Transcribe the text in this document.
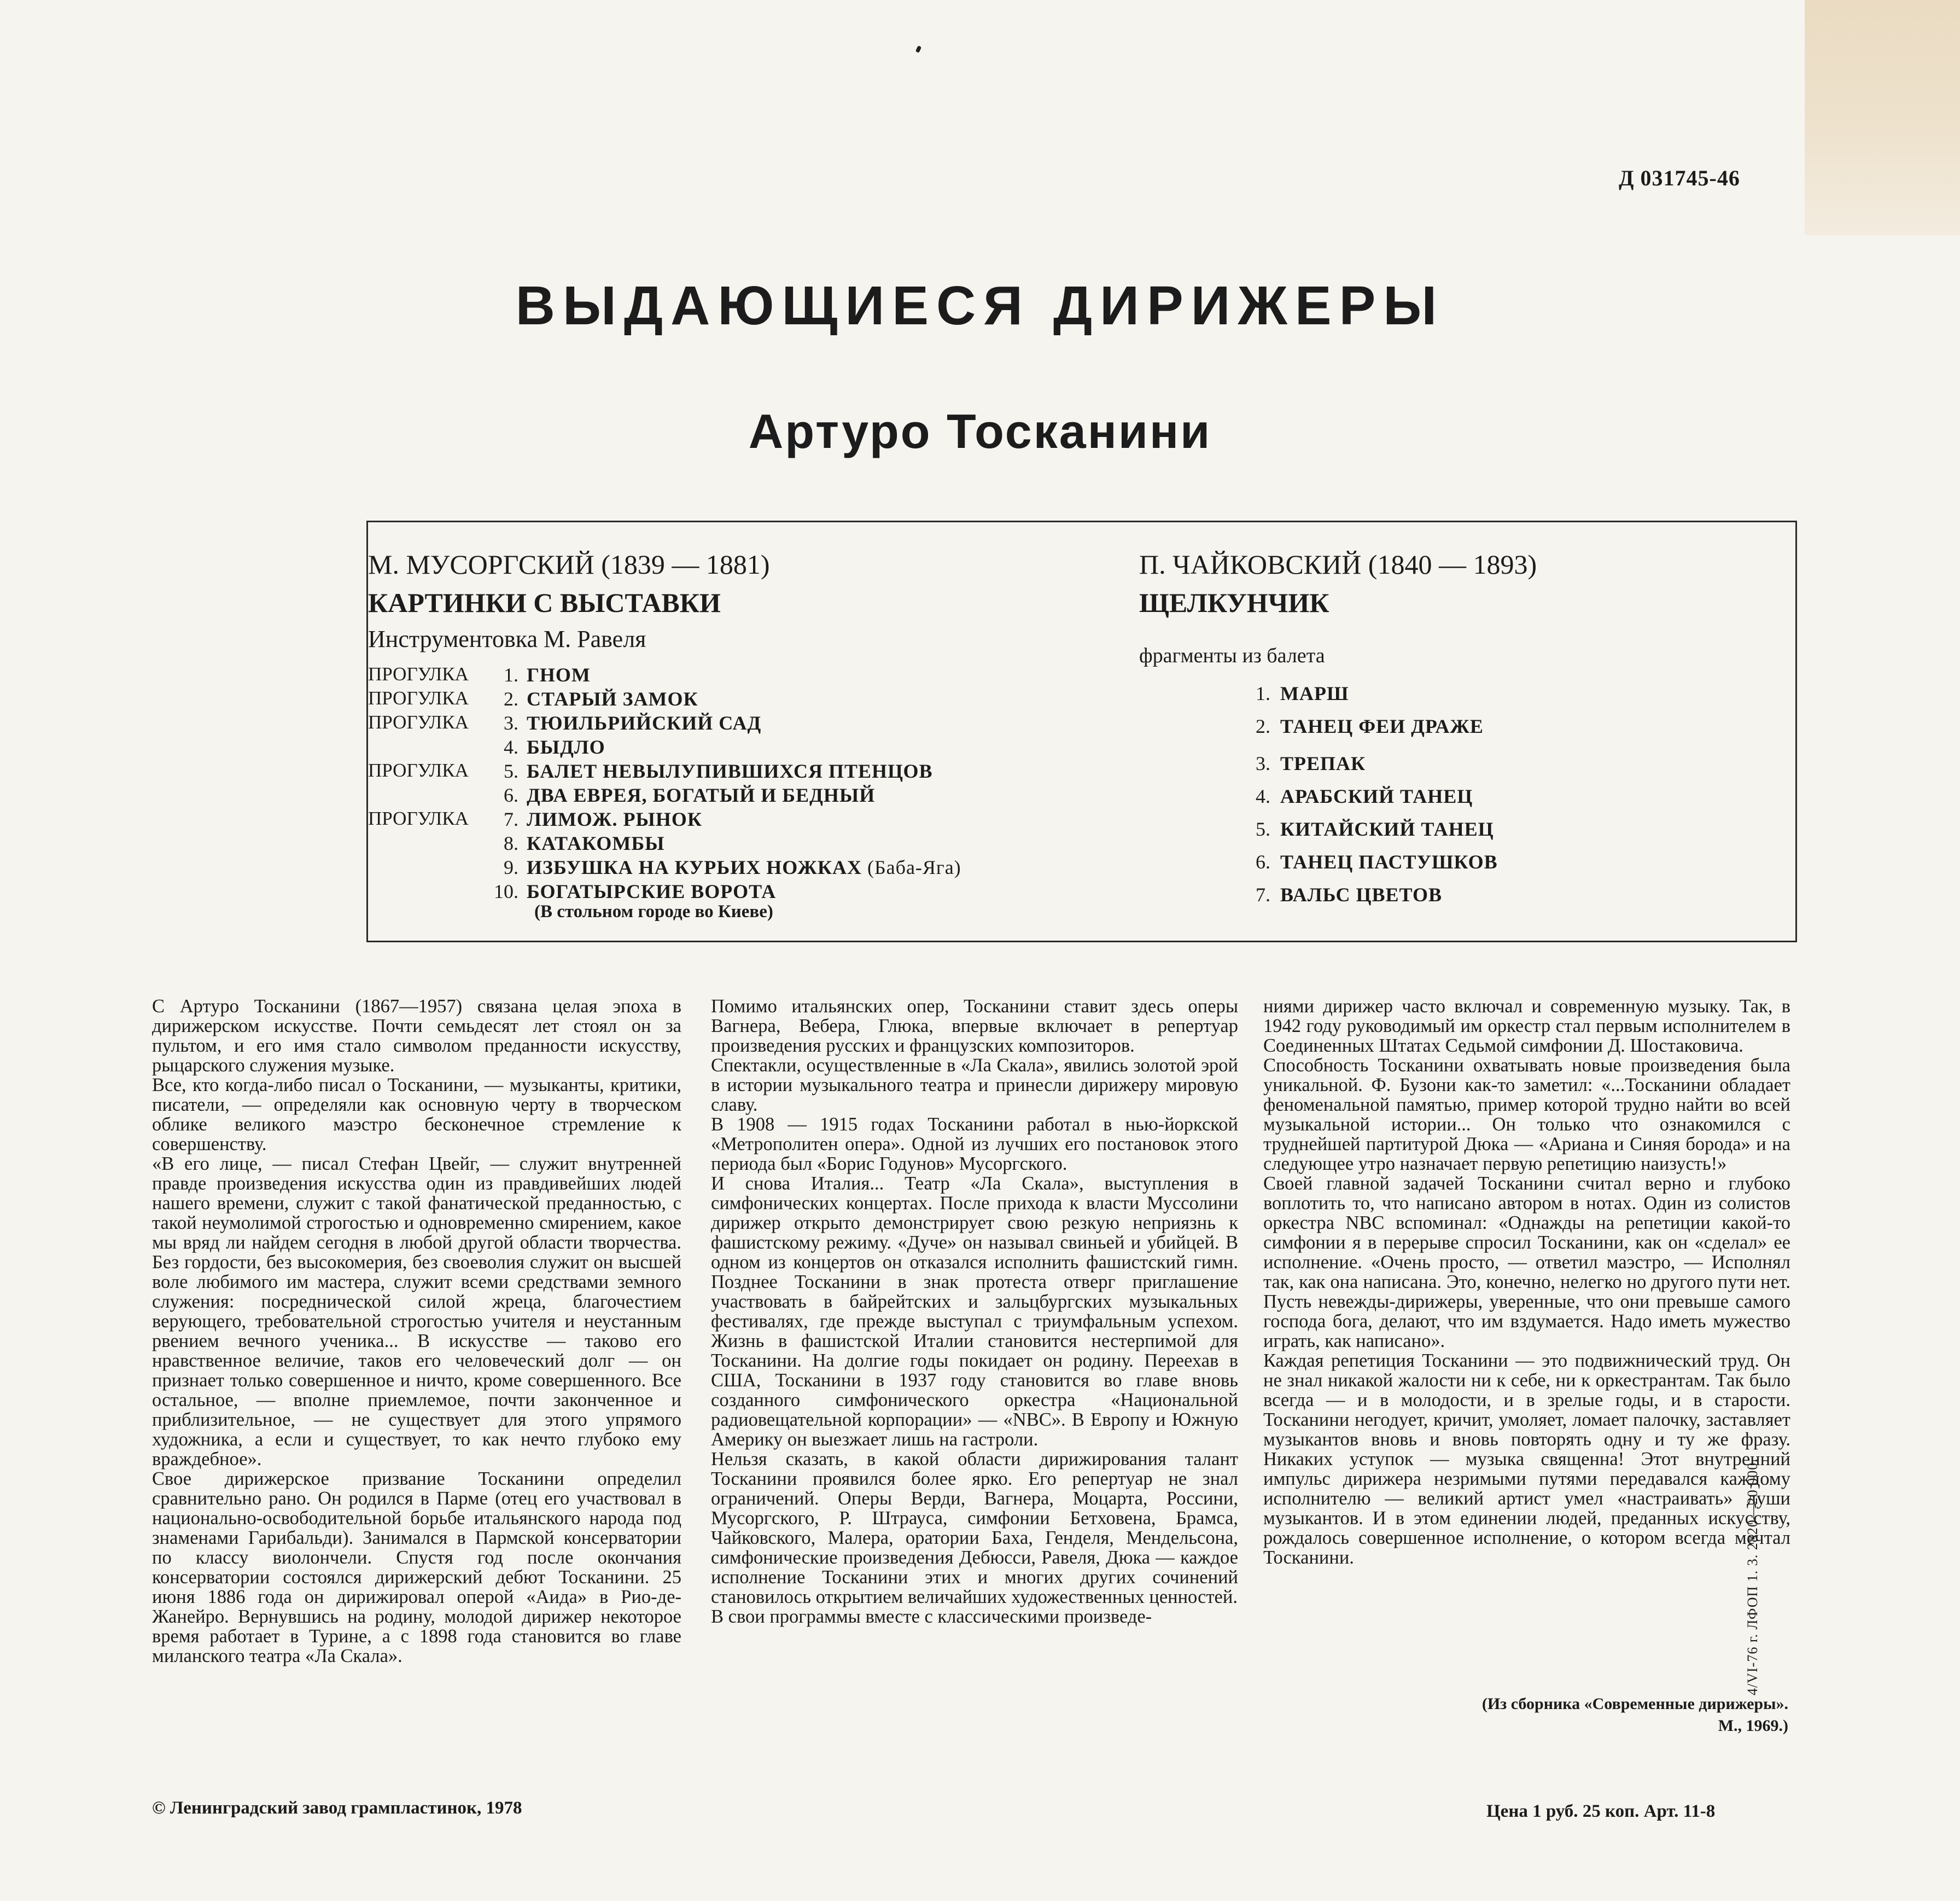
Д 031745-46
ВЫДАЮЩИЕСЯ ДИРИЖЕРЫ
Артуро Тосканини
М. МУСОРГСКИЙ (1839 — 1881)
КАРТИНКИ С ВЫСТАВКИ
Инструментовка М. Равеля
ПРОГУЛКА	1. ГНОМ
ПРОГУЛКА	2. СТАРЫЙ ЗАМОК
ПРОГУЛКА	3. ТЮИЛЬРИЙСКИЙ САД
4. БЫДЛО
ПРОГУЛКА	5. БАЛЕТ НЕВЫЛУПИВШИХСЯ ПТЕНЦОВ
6. ДВА ЕВРЕЯ, БОГАТЫЙ И БЕДНЫЙ
ПРОГУЛКА	7. ЛИМОЖ. РЫНОК
8. КАТАКОМБЫ
9. ИЗБУШКА НА КУРЬИХ НОЖКАХ (Баба-Яга)
10. БОГАТЫРСКИЕ ВОРОТА
(В стольном городе во Киеве)
П. ЧАЙКОВСКИЙ (1840 — 1893)
ЩЕЛКУНЧИК
фрагменты из балета
1. МАРШ
2. ТАНЕЦ ФЕИ ДРАЖЕ
3. ТРЕПАК
4. АРАБСКИЙ ТАНЕЦ
5. КИТАЙСКИЙ ТАНЕЦ
6. ТАНЕЦ ПАСТУШКОВ
7. ВАЛЬС ЦВЕТОВ

С Артуро Тосканини (1867—1957) связана целая эпоха в дирижерском искусстве. Почти семьдесят лет стоял он за пультом, и его имя стало символом преданности искусству, рыцарского служения музыке.

Все, кто когда-либо писал о Тосканини, — музыканты, критики, писатели, — определяли как основную черту в творческом облике великого маэстро бесконечное стремление к совершенству.

«В его лице, — писал Стефан Цвейг, — служит внутренней правде произведения искусства один из правдивейших людей нашего времени, служит с такой фанатической преданностью, с такой неумолимой строгостью и одновременно смирением, какое мы вряд ли найдем сегодня в любой другой области творчества. Без гордости, без высокомерия, без своеволия служит он высшей воле любимого им мастера, служит всеми средствами земного служения: посреднической силой жреца, благочестием верующего, требовательной строгостью учителя и неустанным рвением вечного ученика... В искусстве — таково его нравственное величие, таков его человеческий долг — он признает только совершенное и ничто, кроме совершенного. Все остальное, — вполне приемлемое, почти законченное и приблизительное, — не существует для этого упрямого художника, а если и существует, то как нечто глубоко ему враждебное».

Свое дирижерское призвание Тосканини определил сравнительно рано. Он родился в Парме (отец его участвовал в национально-освободительной борьбе итальянского народа под знаменами Гарибальди). Занимался в Пармской консерватории по классу виолончели. Спустя год после окончания консерватории состоялся дирижерский дебют Тосканини. 25 июня 1886 года он дирижировал оперой «Аида» в Рио-де-Жанейро. Вернувшись на родину, молодой дирижер некоторое время работает в Турине, а с 1898 года становится во главе миланского театра «Ла Скала».

Помимо итальянских опер, Тосканини ставит здесь оперы Вагнера, Вебера, Глюка, впервые включает в репертуар произведения русских и французских композиторов.

Спектакли, осуществленные в «Ла Скала», явились золотой эрой в истории музыкального театра и принесли дирижеру мировую славу.

В 1908 — 1915 годах Тосканини работал в нью-йоркской «Метрополитен опера». Одной из лучших его постановок этого периода был «Борис Годунов» Мусоргского.

И снова Италия... Театр «Ла Скала», выступления в симфонических концертах. После прихода к власти Муссолини дирижер открыто демонстрирует свою резкую неприязнь к фашистскому режиму. «Дуче» он называл свиньей и убийцей. В одном из концертов он отказался исполнить фашистский гимн. Позднее Тосканини в знак протеста отверг приглашение участвовать в байрейтских и зальцбургских музыкальных фестивалях, где прежде выступал с триумфальным успехом. Жизнь в фашистской Италии становится нестерпимой для Тосканини. На долгие годы покидает он родину. Переехав в США, Тосканини в 1937 году становится во главе вновь созданного симфонического оркестра «Национальной радиовещательной корпорации» — «NBC». В Европу и Южную Америку он выезжает лишь на гастроли.

Нельзя сказать, в какой области дирижирования талант Тосканини проявился более ярко. Его репертуар не знал ограничений. Оперы Верди, Вагнера, Моцарта, Россини, Мусоргского, Р. Штрауса, симфонии Бетховена, Брамса, Чайковского, Малера, оратории Баха, Генделя, Мендельсона, симфонические произведения Дебюсси, Равеля, Дюка — каждое исполнение Тосканини этих и многих других сочинений становилось открытием величайших художественных ценностей.

В свои программы вместе с классическими произведе-

ниями дирижер часто включал и современную музыку. Так, в 1942 году руководимый им оркестр стал первым исполнителем в Соединенных Штатах Седьмой симфонии Д. Шостаковича.

Способность Тосканини охватывать новые произведения была уникальной. Ф. Бузони как-то заметил: «...Тосканини обладает феноменальной памятью, пример которой трудно найти во всей музыкальной истории... Он только что ознакомился с труднейшей партитурой Дюка — «Ариана и Синяя борода» и на следующее утро назначает первую репетицию наизусть!»

Своей главной задачей Тосканини считал верно и глубоко воплотить то, что написано автором в нотах. Один из солистов оркестра NBC вспоминал: «Однажды на репетиции какой-то симфонии я в перерыве спросил Тосканини, как он «сделал» ее исполнение. «Очень просто, — ответил маэстро, — Исполнял так, как она написана. Это, конечно, нелегко но другого пути нет. Пусть невежды-дирижеры, уверенные, что они превыше самого господа бога, делают, что им вздумается. Надо иметь мужество играть, как написано».

Каждая репетиция Тосканини — это подвижнический труд. Он не знал никакой жалости ни к себе, ни к оркестрантам. Так было всегда — и в молодости, и в зрелые годы, и в старости. Тосканини негодует, кричит, умоляет, ломает палочку, заставляет музыкантов вновь и вновь повторять одну и ту же фразу. Никаких уступок — музыка священна! Этот внутренний импульс дирижера незримыми путями передавался каждому исполнителю — великий артист умел «настраивать» души музыкантов. И в этом единении людей, преданных искусству, рождалось совершенное исполнение, о котором всегда мечтал Тосканини.

(Из сборника «Современные дирижеры».
М., 1969.)
© Ленинградский завод грампластинок, 1978	Цена 1 руб. 25 коп. Арт. 11-8
4/VI-76 г. ЛФОП 1. 3. 2820—20 000.
